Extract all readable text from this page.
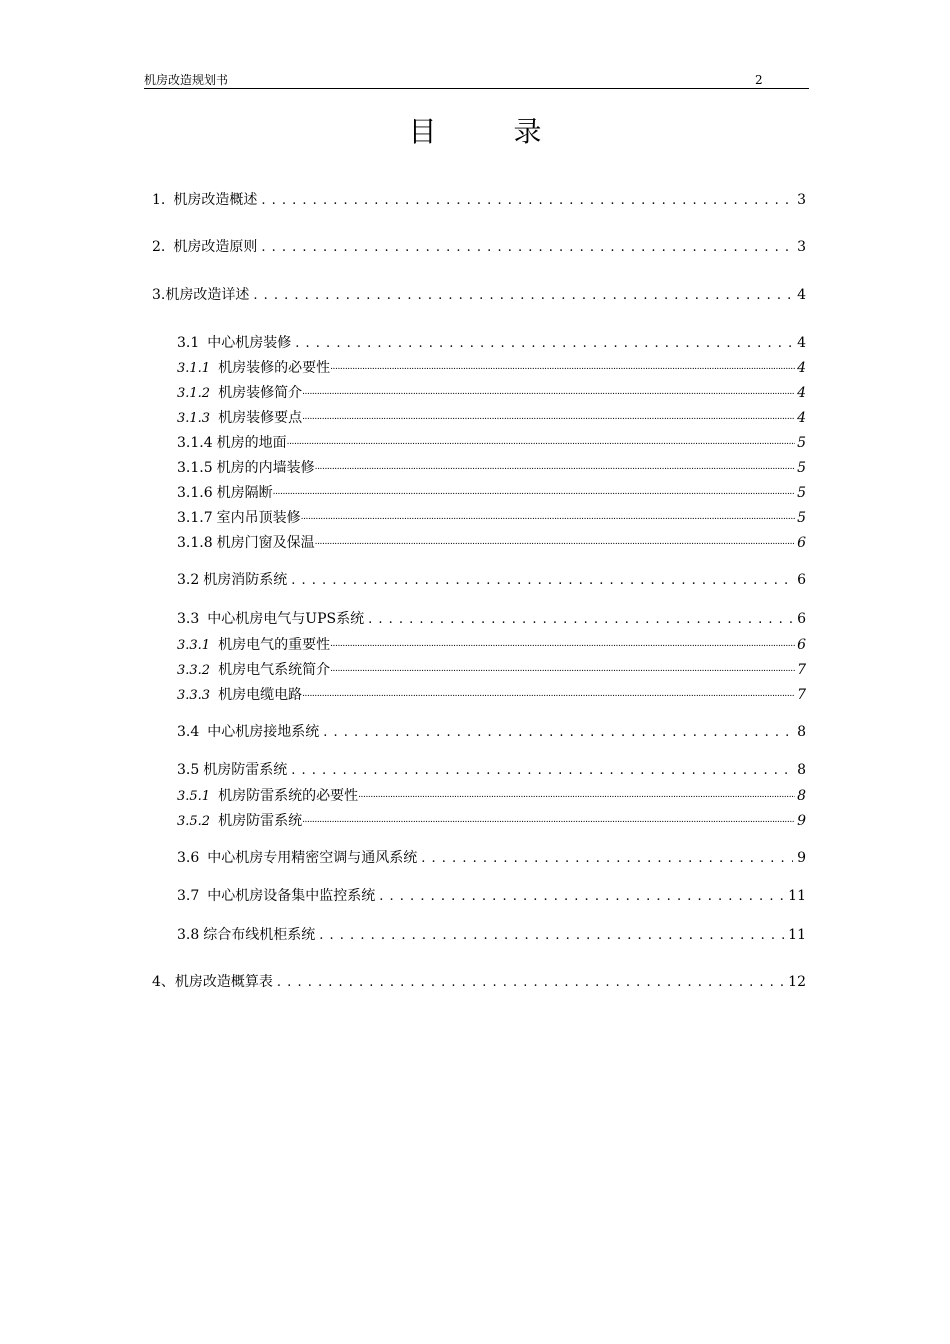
机房改造规划书	2
目 录
1. 机房改造概述 . . .	3
2. 机房改造原则 . . .	3
3.机房改造详述 . . .	4
3.1 中心机房装修 . . .	4
3.1.1 机房装修的必要性 .....	4
3.1.2 机房装修简介 .....	4
3.1.3 机房装修要点 .....	4
3.1.4 机房的地面 .....	5
3.1.5 机房的内墙装修 .....	5
3.1.6 机房隔断 .....	5
3.1.7 室内吊顶装修 .....	5
3.1.8 机房门窗及保温 .....	6
3.2 机房消防系统 . . .	6
3.3 中心机房电气与UPS系统 . . .	6
3.3.1 机房电气的重要性 .....	6
3.3.2 机房电气系统简介 .....	7
3.3.3 机房电缆电路 .....	7
3.4 中心机房接地系统 . . .	8
3.5 机房防雷系统 . . .	8
3.5.1 机房防雷系统的必要性 .....	8
3.5.2 机房防雷系统 .....	9
3.6 中心机房专用精密空调与通风系统 . . .	9
3.7 中心机房设备集中监控系统 . . .	11
3.8 综合布线机柜系统 . . .	11
4、机房改造概算表 . . .	12
